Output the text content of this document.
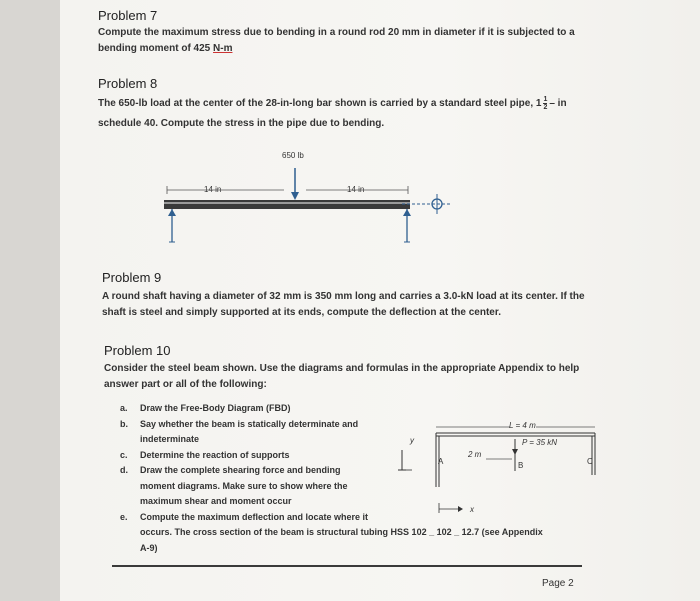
Problem 7
Compute the maximum stress due to bending in a round rod 20 mm in diameter if it is subjected to a
bending moment of 425 N-m
Problem 8
The 650-lb load at the center of the 28-in-long bar shown is carried by a standard steel pipe, $1 \frac{1}{2}$ – in
schedule 40. Compute the stress in the pipe due to bending.
650 lb
14 in	14 in
Problem 9
A round shaft having a diameter of 32 mm is 350 mm long and carries a 3.0-kN load at its center. If the
shaft is steel and simply supported at its ends, compute the deflection at the center.
Problem 10
Consider the steel beam shown. Use the diagrams and formulas in the appropriate Appendix to help
answer part or all of the following:
a. Draw the Free-Body Diagram (FBD)
b. Say whether the beam is statically determinate and
indeterminate
c. Determine the reaction of supports
d. Draw the complete shearing force and bending
moment diagrams. Make sure to show where the
maximum shear and moment occur
e. Compute the maximum deflection and locate where it
occurs. The cross section of the beam is structural tubing HSS 102 _ 102 _ 12.7 (see Appendix
A-9)
L = 4 m
P = 35 kN
2 m
y
x
A	B	C
Page 2
